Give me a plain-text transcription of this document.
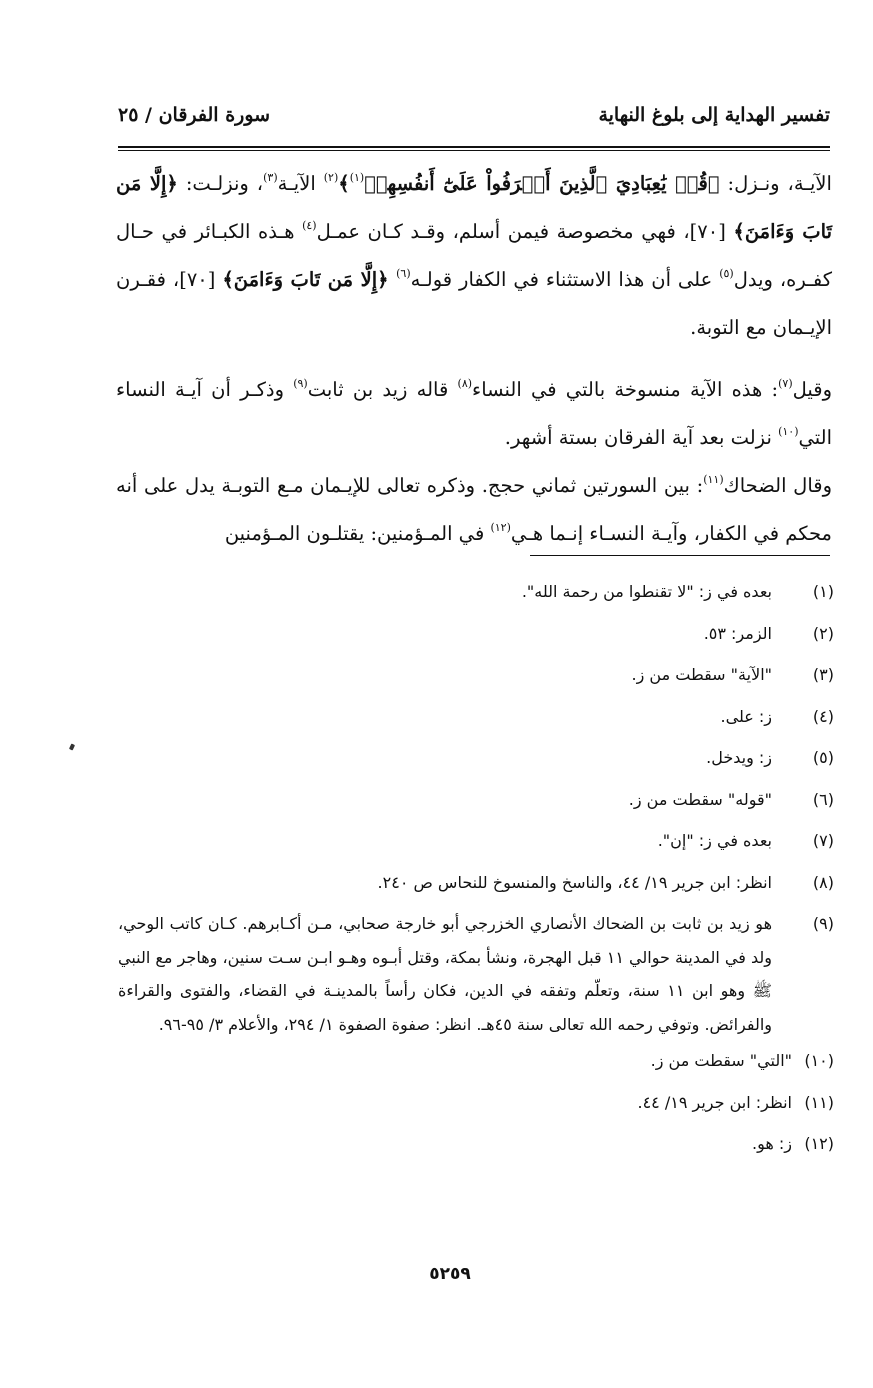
تفسير الهداية إلى بلوغ النهاية
سورة الفرقان / ٢٥

الآيـة، ونـزل: ﴿قُلۡ يَٰعِبَادِيَ ٱلَّذِينَ أَسۡرَفُواْ عَلَىٰٓ أَنفُسِهِمۡ$^{(١)}$﴾$^{(٢)}$ الآيـة$^{(٣)}$، ونزلـت: ﴿إِلَّا مَن تَابَ وَءَامَنَ﴾ [٧٠]، فهي مخصوصة فيمن أسلم، وقـد كـان عمـل$^{(٤)}$ هـذه الكبـائر في حـال كفـره، ويدل$^{(٥)}$ على أن هذا الاستثناء في الكفار قولـه$^{(٦)}$ ﴿إِلَّا مَن تَابَ وَءَامَنَ﴾ [٧٠]، فقـرن الإيـمان مع التوبة.

وقيل$^{(٧)}$: هذه الآية منسوخة بالتي في النساء$^{(٨)}$ قاله زيد بن ثابت$^{(٩)}$ وذكـر أن آيـة النساء التي$^{(١٠)}$ نزلت بعد آية الفرقان بستة أشهر.

وقال الضحاك$^{(١١)}$: بين السورتين ثماني حجج. وذكره تعالى للإيـمان مـع التوبـة يدل على أنه محكم في الكفار، وآيـة النسـاء إنـما هـي$^{(١٢)}$ في المـؤمنين: يقتلـون المـؤمنين

(١)
بعده في ز: "لا تقنطوا من رحمة الله".
(٢)
الزمر: ٥٣.
(٣)
"الآية" سقطت من ز.
(٤)
ز: على.
(٥)
ز: ويدخل.
(٦)
"قوله" سقطت من ز.
(٧)
بعده في ز: "إن".
(٨)
انظر: ابن جرير ١٩/ ٤٤، والناسخ والمنسوخ للنحاس ص ٢٤٠.
(٩)
هو زيد بن ثابت بن الضحاك الأنصاري الخزرجي أبو خارجة صحابي، مـن أكـابرهم. كـان كاتب الوحي، ولد في المدينة حوالي ١١ قبل الهجرة، ونشأ بمكة، وقتل أبـوه وهـو ابـن سـت سنين، وهاجر مع النبي ﷺ وهو ابن ١١ سنة، وتعلّم وتفقه في الدين، فكان رأساً بالمدينـة في القضاء، والفتوى والقراءة والفرائض. وتوفي رحمه الله تعالى سنة ٤٥هـ. انظر: صفوة الصفوة ١/ ٢٩٤، والأعلام ٣/ ٩٥-٩٦.
(١٠)
"التي" سقطت من ز.
(١١)
انظر: ابن جرير ١٩/ ٤٤.
(١٢)
ز: هو.
٥٢٥٩
